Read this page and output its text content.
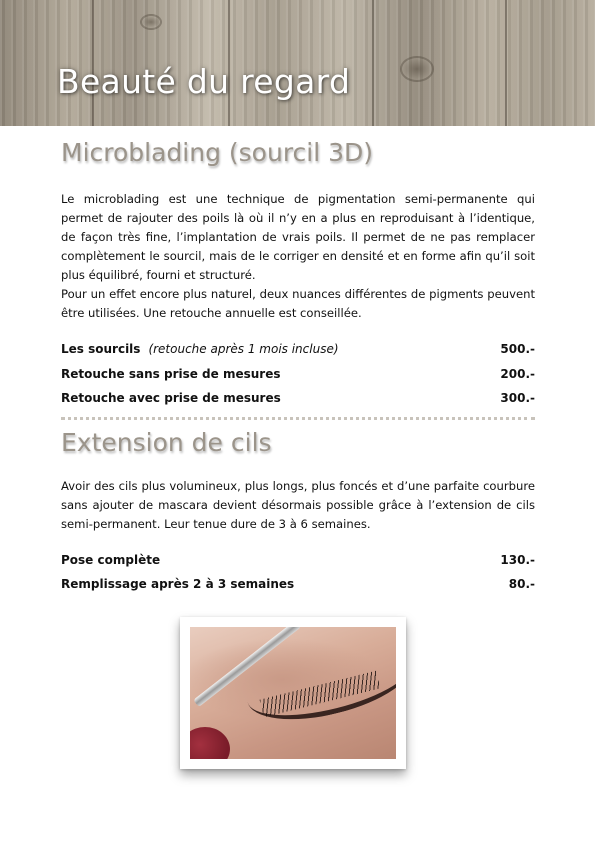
Beauté du regard
Microblading (sourcil 3D)

Le microblading est une technique de pigmentation semi-permanente qui permet de rajouter des poils là où il n’y en a plus en reproduisant à l’identique, de façon très fine, l’implantation de vrais poils. Il permet de ne pas remplacer complètement le sourcil, mais de le corriger en densité et en forme afin qu’il soit plus équilibré, fourni et structuré.
Pour un effet encore plus naturel, deux nuances différentes de pigments peuvent être utilisées. Une retouche annuelle est conseillée.

Les sourcils (retouche après 1 mois incluse)	500.-
Retouche sans prise de mesures	200.-
Retouche avec prise de mesures	300.-
Extension de cils

Avoir des cils plus volumineux, plus longs, plus foncés et d’une parfaite courbure sans ajouter de mascara devient désormais possible grâce à l’extension de cils semi-permanent. Leur tenue dure de 3 à 6 semaines.

Pose complète	130.-
Remplissage après 2 à 3 semaines	80.-
